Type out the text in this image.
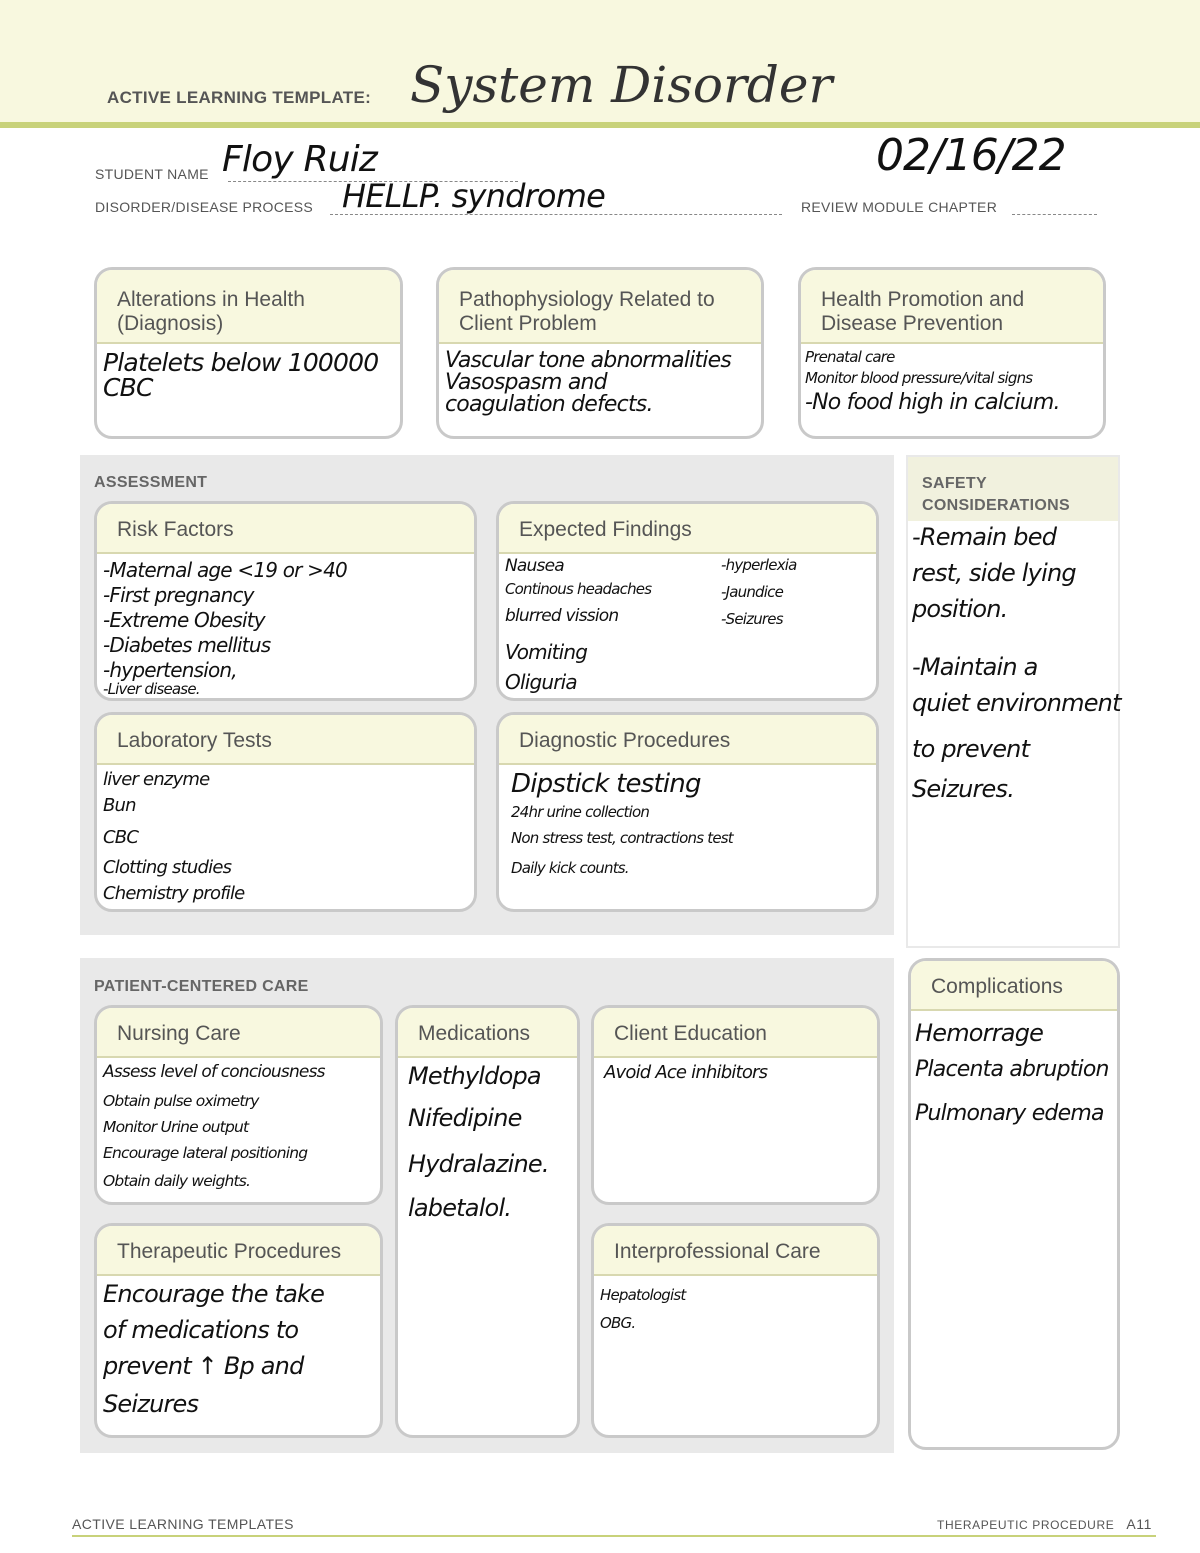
ACTIVE LEARNING TEMPLATE: System Disorder
STUDENT NAME Floy Ruiz	02/16/22
DISORDER/DISEASE PROCESS HELLP. syndrome	REVIEW MODULE CHAPTER
Alterations in Health (Diagnosis)
Platelets below 100000
CBC
Pathophysiology Related to Client Problem
Vascular tone abnormalities
Vasospasm and
coagulation defects.
Health Promotion and Disease Prevention
Prenatal care
Monitor blood pressure/vital signs
-No food high in calcium.
ASSESSMENT
Risk Factors
-Maternal age <19 or >40
-First pregnancy
-Extreme Obesity
-Diabetes mellitus
-hypertension,
-Liver disease.
Expected Findings
Nausea
Continous headaches
blurred vission
Vomiting
Oliguria
-hyperlexia
-Jaundice
-Seizures
Laboratory Tests
liver enzyme
Bun
CBC
Clotting studies
Chemistry profile
Diagnostic Procedures
Dipstick testing
24hr urine collection
Non stress test, contractions test
Daily kick counts.
SAFETY CONSIDERATIONS
-Remain bed
rest, side lying
position.
-Maintain a
quiet environment
to prevent
Seizures.
PATIENT-CENTERED CARE
Nursing Care
Assess level of conciousness
Obtain pulse oximetry
Monitor Urine output
Encourage lateral positioning
Obtain daily weights.
Medications
Methyldopa
Nifedipine
Hydralazine.
labetalol.
Client Education
Avoid Ace inhibitors
Therapeutic Procedures
Encourage the take
of medications to
prevent ↑ Bp and
Seizures
Interprofessional Care
Hepatologist
OBG.
Complications
Hemorrage
Placenta abruption
Pulmonary edema
ACTIVE LEARNING TEMPLATES	THERAPEUTIC PROCEDURE A11
